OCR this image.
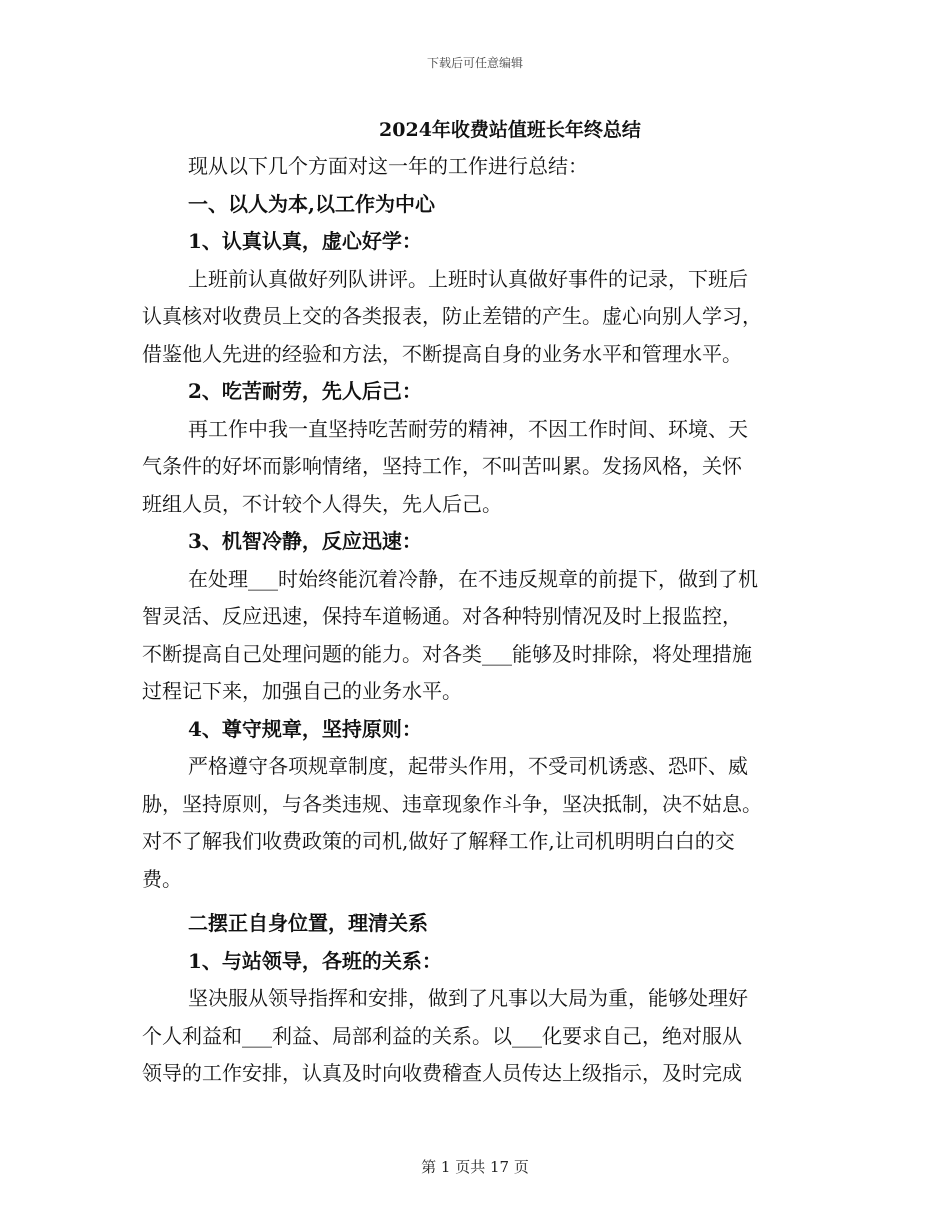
下载后可任意编辑
2024年收费站值班长年终总结
现从以下几个方面对这一年的工作进行总结：
一、以人为本,以工作为中心
1、认真认真，虚心好学：
上班前认真做好列队讲评。上班时认真做好事件的记录，下班后
认真核对收费员上交的各类报表，防止差错的产生。虚心向别人学习，
借鉴他人先进的经验和方法，不断提高自身的业务水平和管理水平。
2、吃苦耐劳，先人后己：
再工作中我一直坚持吃苦耐劳的精神，不因工作时间、环境、天
气条件的好坏而影响情绪，坚持工作，不叫苦叫累。发扬风格，关怀
班组人员，不计较个人得失，先人后己。
3、机智冷静，反应迅速：
在处理___时始终能沉着冷静，在不违反规章的前提下，做到了机
智灵活、反应迅速，保持车道畅通。对各种特别情况及时上报监控，
不断提高自己处理问题的能力。对各类___能够及时排除，将处理措施
过程记下来，加强自己的业务水平。
4、尊守规章，坚持原则：
严格遵守各项规章制度，起带头作用，不受司机诱惑、恐吓、威
胁，坚持原则，与各类违规、违章现象作斗争，坚决抵制，决不姑息。
对不了解我们收费政策的司机,做好了解释工作,让司机明明白白的交
费。
二摆正自身位置，理清关系
1、与站领导，各班的关系：
坚决服从领导指挥和安排，做到了凡事以大局为重，能够处理好
个人利益和___利益、局部利益的关系。以___化要求自己，绝对服从
领导的工作安排，认真及时向收费稽查人员传达上级指示，及时完成
第 1 页共 17 页
